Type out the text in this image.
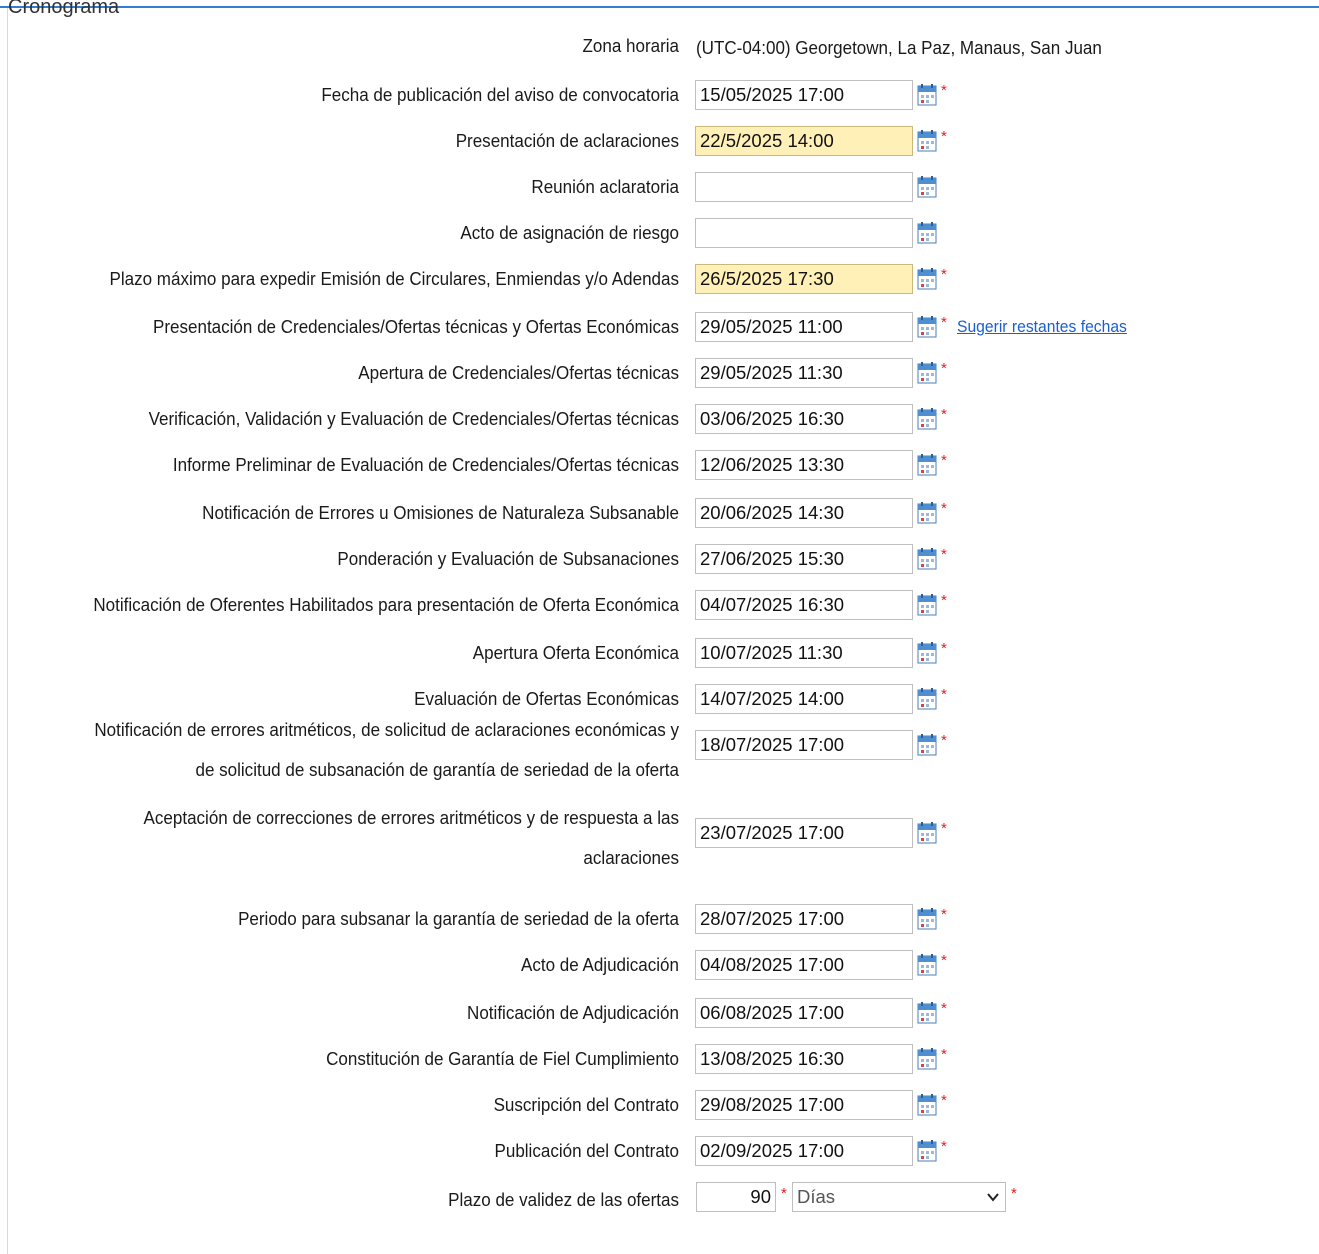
Cronograma
Zona horaria (UTC-04:00) Georgetown, La Paz, Manaus, San Juan
Fecha de publicación del aviso de convocatoria
15/05/2025 17:00	*
Presentación de aclaraciones
22/5/2025 14:00	*
Reunión aclaratoria
Acto de asignación de riesgo
Plazo máximo para expedir Emisión de Circulares, Enmiendas y/o Adendas
26/5/2025 17:30	*
Presentación de Credenciales/Ofertas técnicas y Ofertas Económicas
29/05/2025 11:00	* Sugerir restantes fechas
Apertura de Credenciales/Ofertas técnicas
29/05/2025 11:30	*
Verificación, Validación y Evaluación de Credenciales/Ofertas técnicas
03/06/2025 16:30	*
Informe Preliminar de Evaluación de Credenciales/Ofertas técnicas
12/06/2025 13:30	*
Notificación de Errores u Omisiones de Naturaleza Subsanable
20/06/2025 14:30	*
Ponderación y Evaluación de Subsanaciones
27/06/2025 15:30	*
Notificación de Oferentes Habilitados para presentación de Oferta Económica
04/07/2025 16:30	*
Apertura Oferta Económica
10/07/2025 11:30	*
Evaluación de Ofertas Económicas
14/07/2025 14:00	*
Notificación de errores aritméticos, de solicitud de aclaraciones económicas y de solicitud de subsanación de garantía de seriedad de la oferta
18/07/2025 17:00
*
Aceptación de correcciones de errores aritméticos y de respuesta a las aclaraciones
23/07/2025 17:00
*
Periodo para subsanar la garantía de seriedad de la oferta
28/07/2025 17:00	*
Acto de Adjudicación
04/08/2025 17:00	*
Notificación de Adjudicación
06/08/2025 17:00	*
Constitución de Garantía de Fiel Cumplimiento
13/08/2025 16:30	*
Suscripción del Contrato
29/08/2025 17:00	*
Publicación del Contrato
02/09/2025 17:00	*
Plazo de validez de las ofertas
90	* Días	*
